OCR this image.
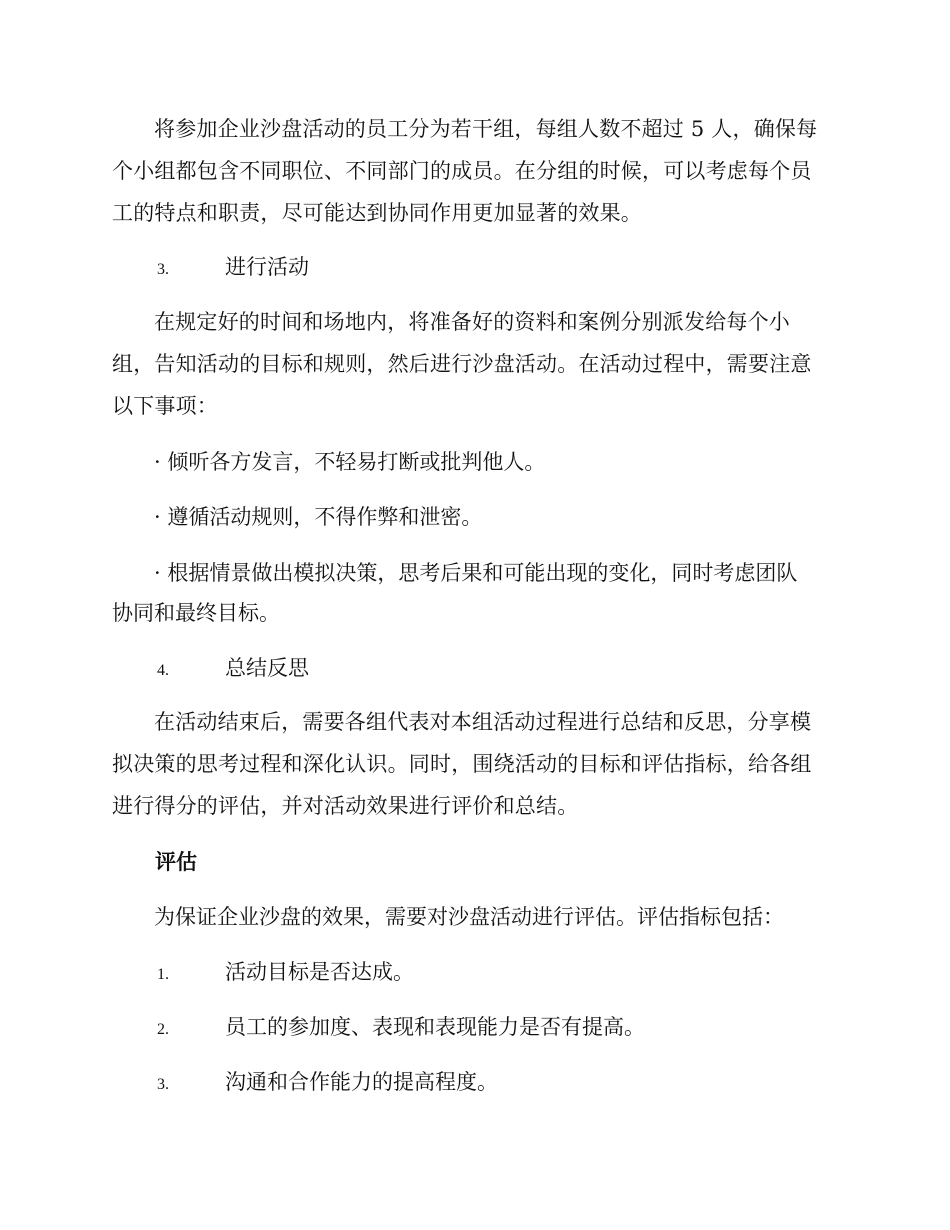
将参加企业沙盘活动的员工分为若干组，每组人数不超过 5 人，确保每个小组都包含不同职位、不同部门的成员。在分组的时候，可以考虑每个员工的特点和职责，尽可能达到协同作用更加显著的效果。
3.	进行活动
在规定好的时间和场地内，将准备好的资料和案例分别派发给每个小组，告知活动的目标和规则，然后进行沙盘活动。在活动过程中，需要注意以下事项：
· 倾听各方发言，不轻易打断或批判他人。
· 遵循活动规则，不得作弊和泄密。
· 根据情景做出模拟决策，思考后果和可能出现的变化，同时考虑团队
协同和最终目标。
4.	总结反思
在活动结束后，需要各组代表对本组活动过程进行总结和反思，分享模拟决策的思考过程和深化认识。同时，围绕活动的目标和评估指标，给各组进行得分的评估，并对活动效果进行评价和总结。
评估
为保证企业沙盘的效果，需要对沙盘活动进行评估。评估指标包括：
1.	活动目标是否达成。
2.	员工的参加度、表现和表现能力是否有提高。
3.	沟通和合作能力的提高程度。
